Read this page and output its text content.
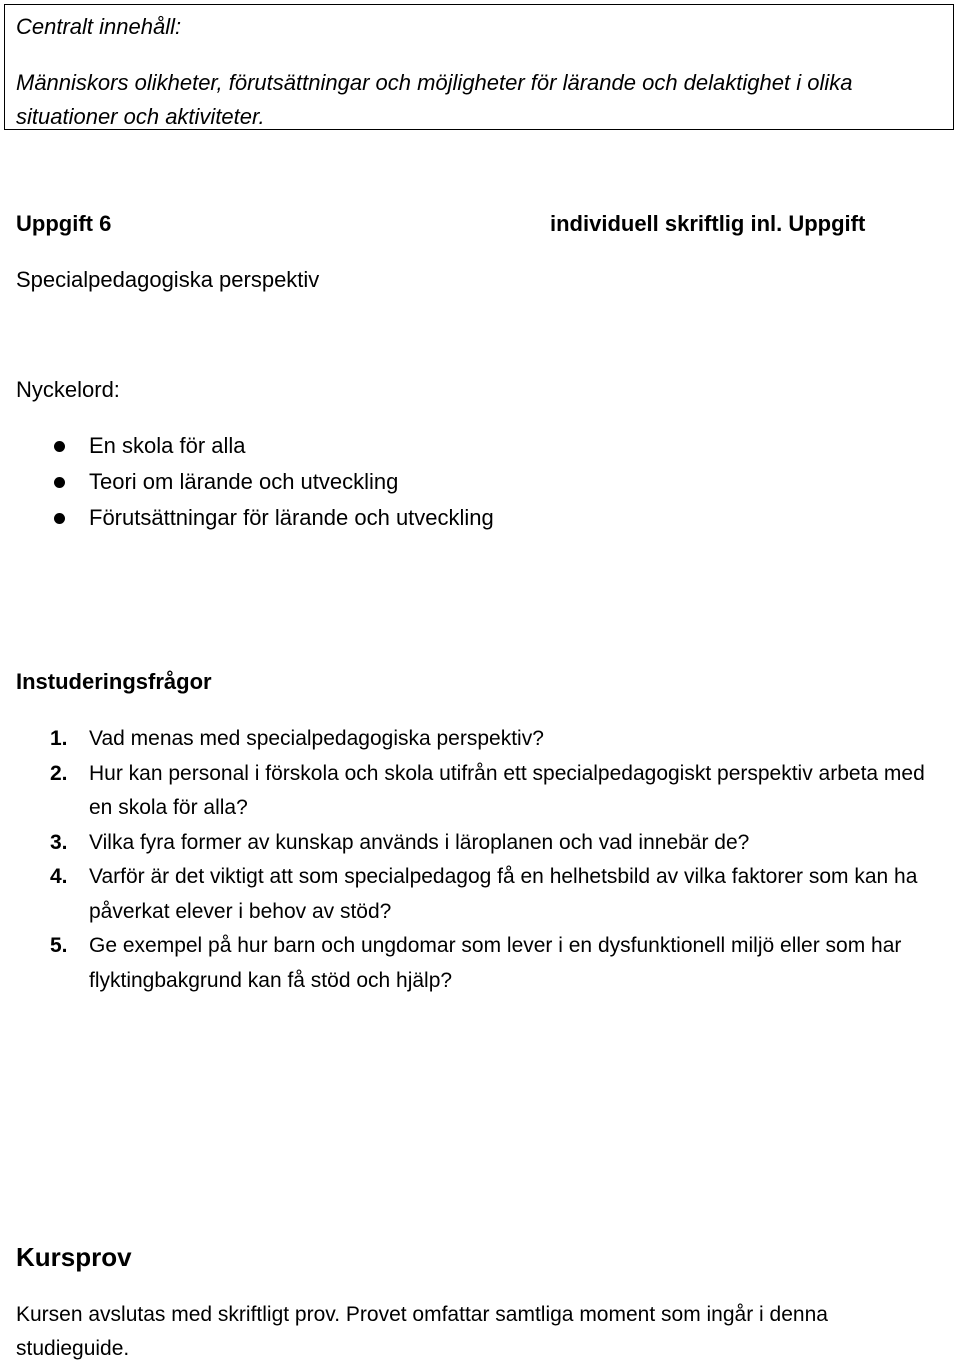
Centralt innehåll:
Människors olikheter, förutsättningar och möjligheter för lärande och delaktighet i olika situationer och aktiviteter.
Uppgift 6	individuell skriftlig inl. Uppgift
Specialpedagogiska perspektiv
Nyckelord:
En skola för alla
Teori om lärande och utveckling
Förutsättningar för lärande och utveckling
Instuderingsfrågor
1. Vad menas med specialpedagogiska perspektiv?
2. Hur kan personal i förskola och skola utifrån ett specialpedagogiskt perspektiv arbeta med en skola för alla?
3. Vilka fyra former av kunskap används i läroplanen och vad innebär de?
4. Varför är det viktigt att som specialpedagog få en helhetsbild av vilka faktorer som kan ha påverkat elever i behov av stöd?
5. Ge exempel på hur barn och ungdomar som lever i en dysfunktionell miljö eller som har flyktingbakgrund kan få stöd och hjälp?
Kursprov
Kursen avslutas med skriftligt prov. Provet omfattar samtliga moment som ingår i denna studieguide.
